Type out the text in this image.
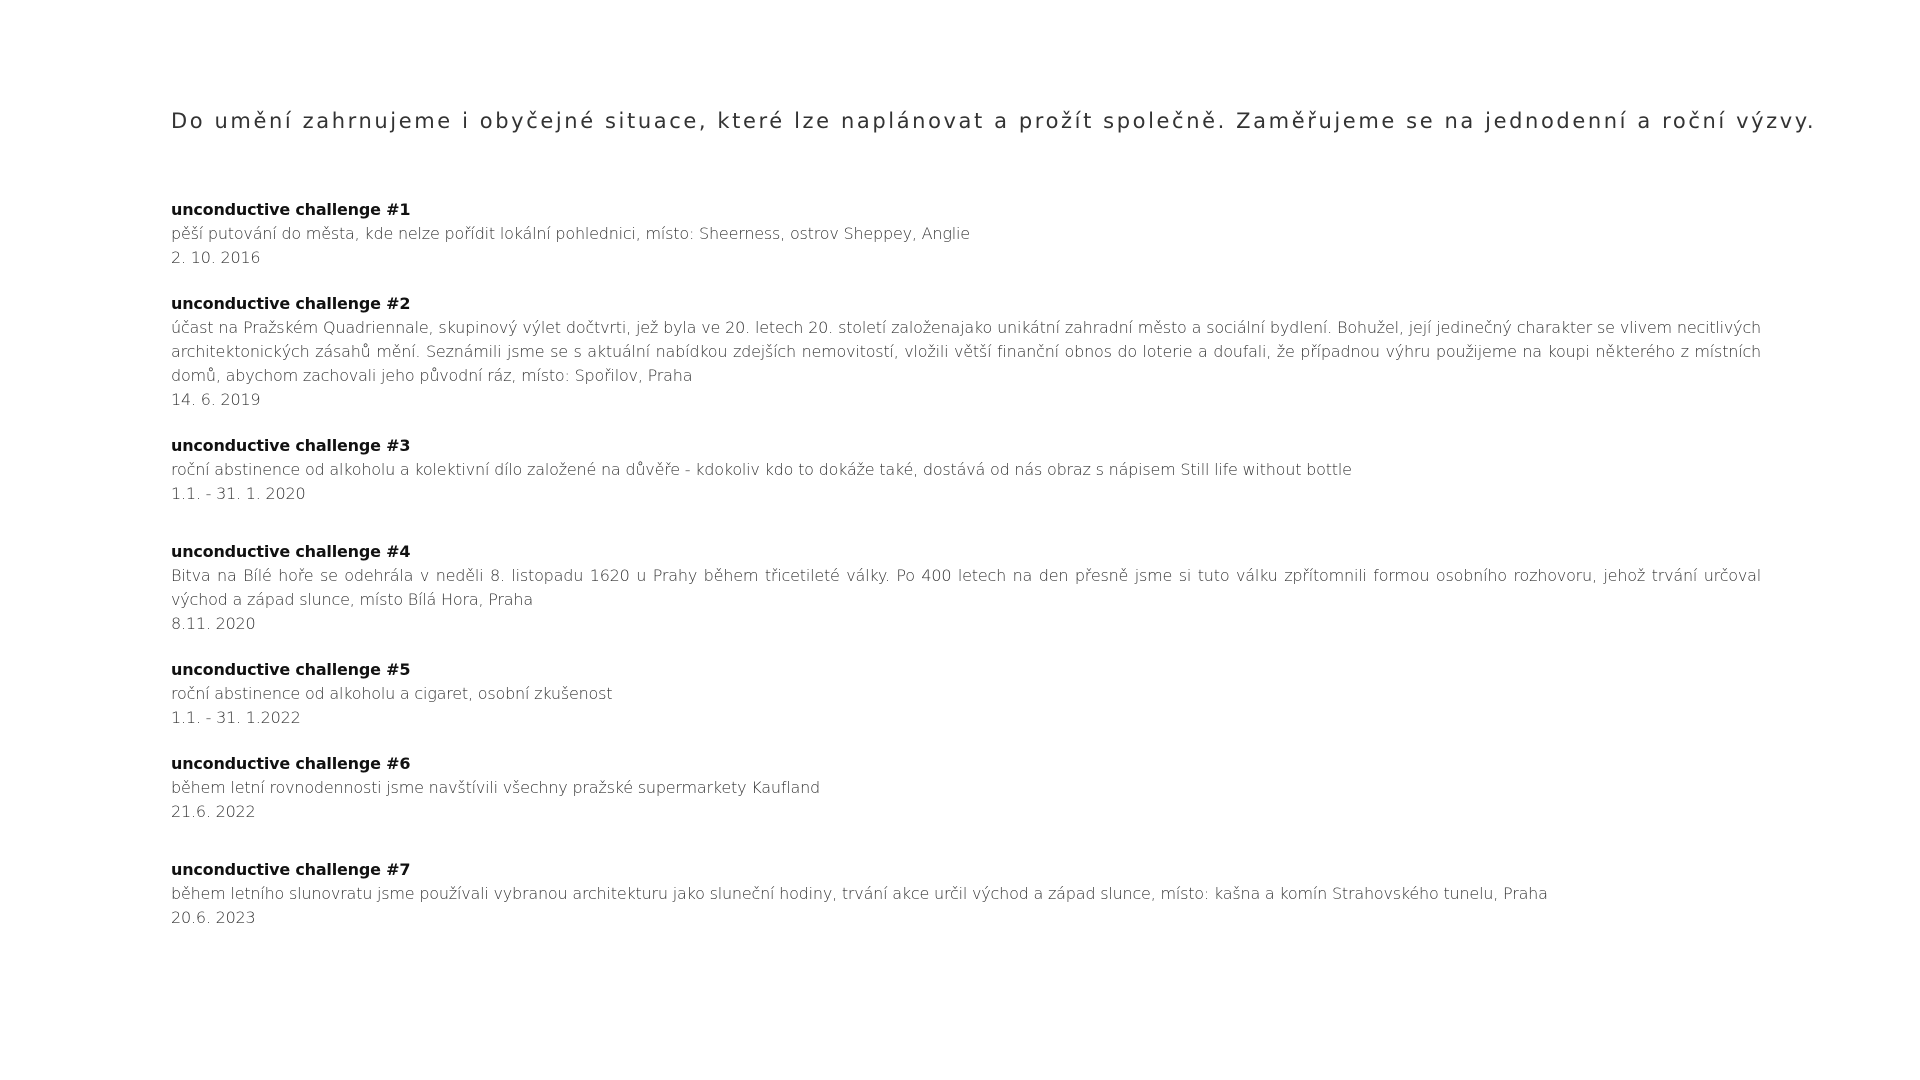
Do umění zahrnujeme i obyčejné situace, které lze naplánovat a prožít společně. Zaměřujeme se na jednodenní a roční výzvy.
unconductive challenge #1
pěší putování do města, kde nelze pořídit lokální pohlednici, místo: Sheerness, ostrov Sheppey, Anglie
2. 10. 2016
unconductive challenge #2
účast na Pražském Quadriennale, skupinový výlet dočtvrti, jež byla ve 20. letech 20. století založenajako unikátní zahradní město a sociální bydlení. Bohužel, její jedinečný charakter se vlivem necitlivých architektonických zásahů mění. Seznámili jsme se s aktuální nabídkou zdejších nemovitostí, vložili větší finanční obnos do loterie a doufali, že případnou výhru použijeme na koupi některého z místních domů, abychom zachovali jeho původní ráz, místo: Spořilov, Praha
14. 6. 2019
unconductive challenge #3
roční abstinence od alkoholu a kolektivní dílo založené na důvěře - kdokoliv kdo to dokáže také, dostává od nás obraz s nápisem Still life without bottle
1.1. - 31. 1. 2020
unconductive challenge #4
Bitva na Bílé hoře se odehrála v neděli 8. listopadu 1620 u Prahy během třicetileté války. Po 400 letech na den přesně jsme si tuto válku zpřítomnili formou osobního rozhovoru, jehož trvání určoval východ a západ slunce, místo Bílá Hora, Praha
8.11. 2020
unconductive challenge #5
roční abstinence od alkoholu a cigaret, osobní zkušenost
1.1. - 31. 1.2022
unconductive challenge #6
během letní rovnodennosti jsme navštívili všechny pražské supermarkety Kaufland
21.6. 2022
unconductive challenge #7
během letního slunovratu jsme používali vybranou architekturu jako sluneční hodiny, trvání akce určil východ a západ slunce, místo: kašna a komín Strahovského tunelu, Praha
20.6. 2023
